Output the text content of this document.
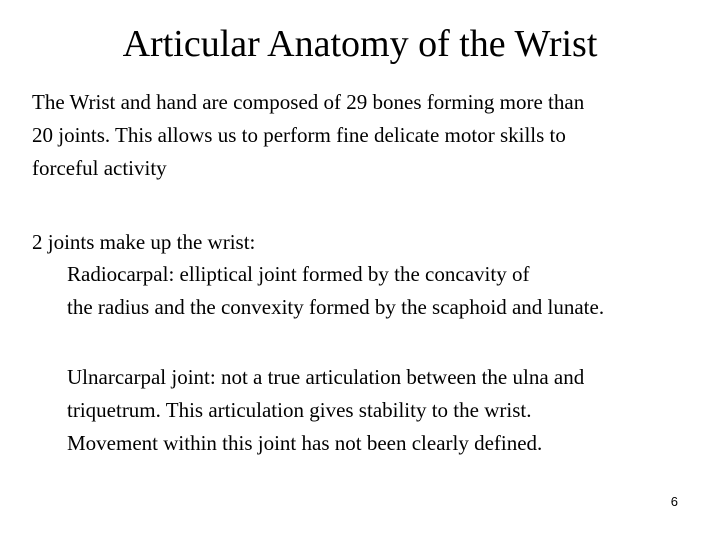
Articular Anatomy of the Wrist

The Wrist and hand are composed of 29 bones forming more than
20 joints. This allows us to perform fine delicate motor skills to
forceful activity

2 joints make up the wrist:

Radiocarpal: elliptical joint formed by the concavity of
the radius and the convexity formed by the scaphoid and lunate.

Ulnarcarpal joint: not a true articulation between the ulna and
triquetrum. This articulation gives stability to the wrist.
Movement within this joint has not been clearly defined.

6
